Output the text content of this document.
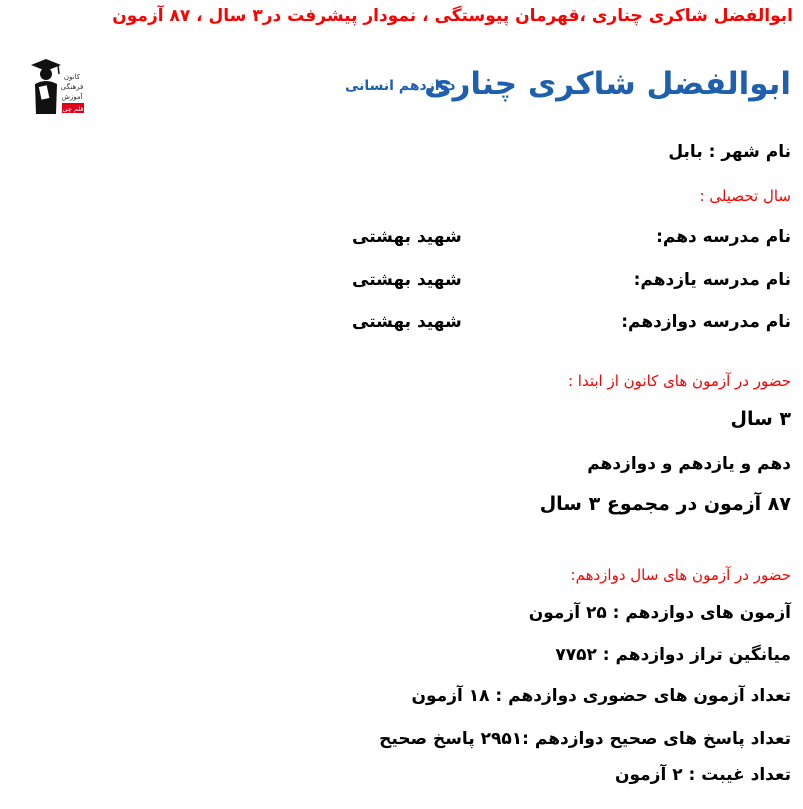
ابوالفضل شاکری چناری ،قهرمان پیوستگی ، نمودار پیشرفت در۳ سال ، ۸۷ آزمون
کانون
فرهنگی
آموزش
قلم چی
ابوالفضل شاکری چناری
دوازدهم انسانی
نام شهر : بابل
سال تحصیلی :
نام مدرسه دهم:
شهید بهشتی
نام مدرسه یازدهم:
شهید بهشتی
نام مدرسه دوازدهم:
شهید بهشتی
حضور در آزمون های کانون از ابتدا :
۳ سال
دهم و یازدهم و دوازدهم
۸۷ آزمون در مجموع ۳ سال
حضور در آزمون های سال دوازدهم:
آزمون های دوازدهم : ۲۵ آزمون
میانگین تراز دوازدهم : ۷۷۵۲
تعداد آزمون های حضوری دوازدهم : ۱۸ آزمون
تعداد پاسخ های صحیح دوازدهم :۲۹۵۱ پاسخ صحیح
تعداد غیبت : ۲ آزمون
